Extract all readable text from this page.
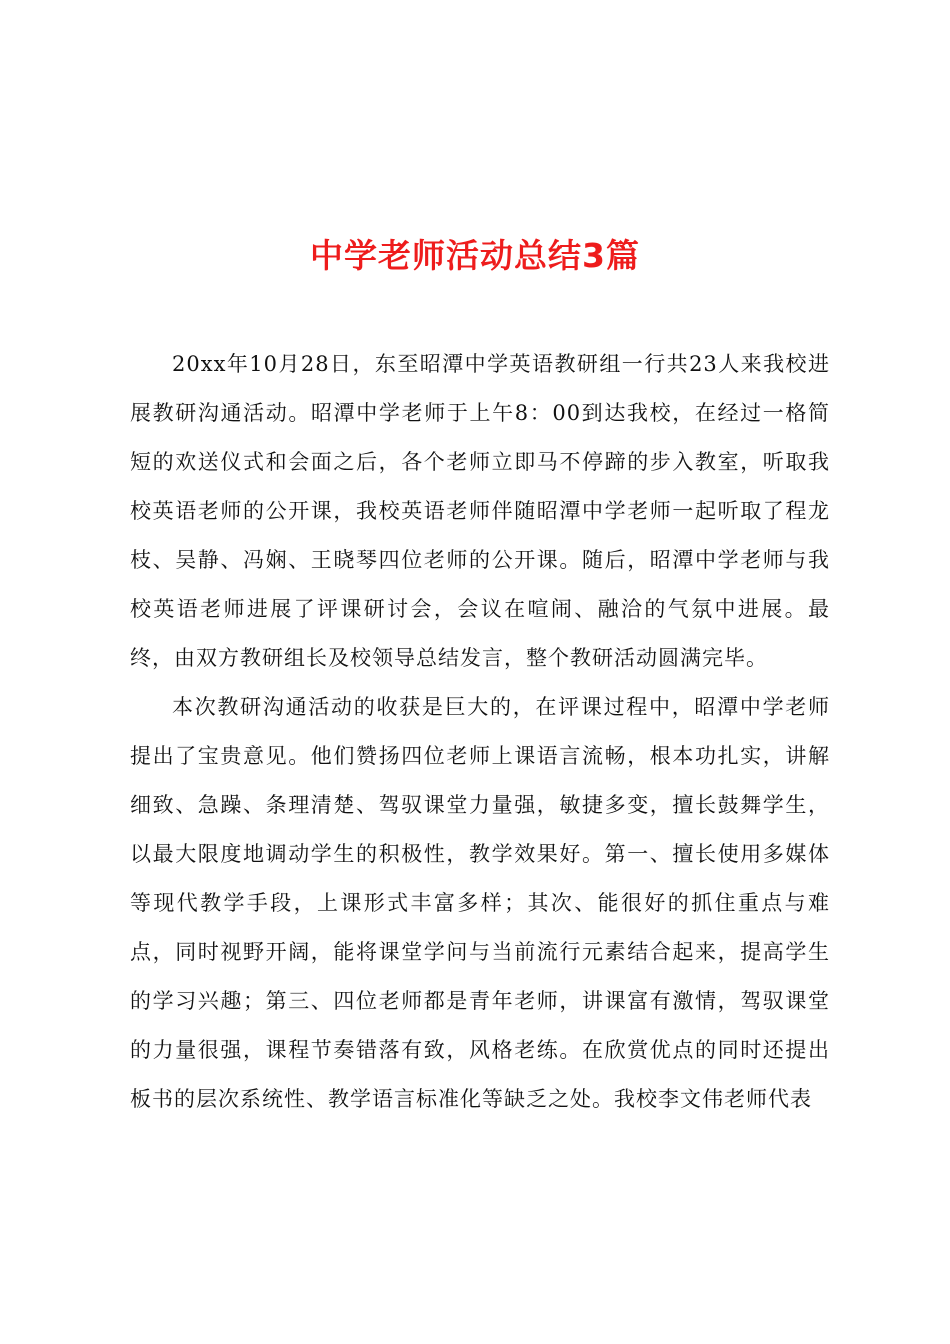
中学老师活动总结3篇

20xx年10月28日，东至昭潭中学英语教研组一行共23人来我校进展教研沟通活动。昭潭中学老师于上午8：00到达我校，在经过一格简短的欢送仪式和会面之后，各个老师立即马不停蹄的步入教室，听取我校英语老师的公开课，我校英语老师伴随昭潭中学老师一起听取了程龙枝、吴静、冯娴、王晓琴四位老师的公开课。随后，昭潭中学老师与我校英语老师进展了评课研讨会，会议在喧闹、融洽的气氛中进展。最终，由双方教研组长及校领导总结发言，整个教研活动圆满完毕。

本次教研沟通活动的收获是巨大的，在评课过程中，昭潭中学老师提出了宝贵意见。他们赞扬四位老师上课语言流畅，根本功扎实，讲解细致、急躁、条理清楚、驾驭课堂力量强，敏捷多变，擅长鼓舞学生，以最大限度地调动学生的积极性，教学效果好。第一、擅长使用多媒体等现代教学手段，上课形式丰富多样；其次、能很好的抓住重点与难点，同时视野开阔，能将课堂学问与当前流行元素结合起来，提高学生的学习兴趣；第三、四位老师都是青年老师，讲课富有激情，驾驭课堂的力量很强，课程节奏错落有致，风格老练。在欣赏优点的同时还提出板书的层次系统性、教学语言标准化等缺乏之处。我校李文伟老师代表
